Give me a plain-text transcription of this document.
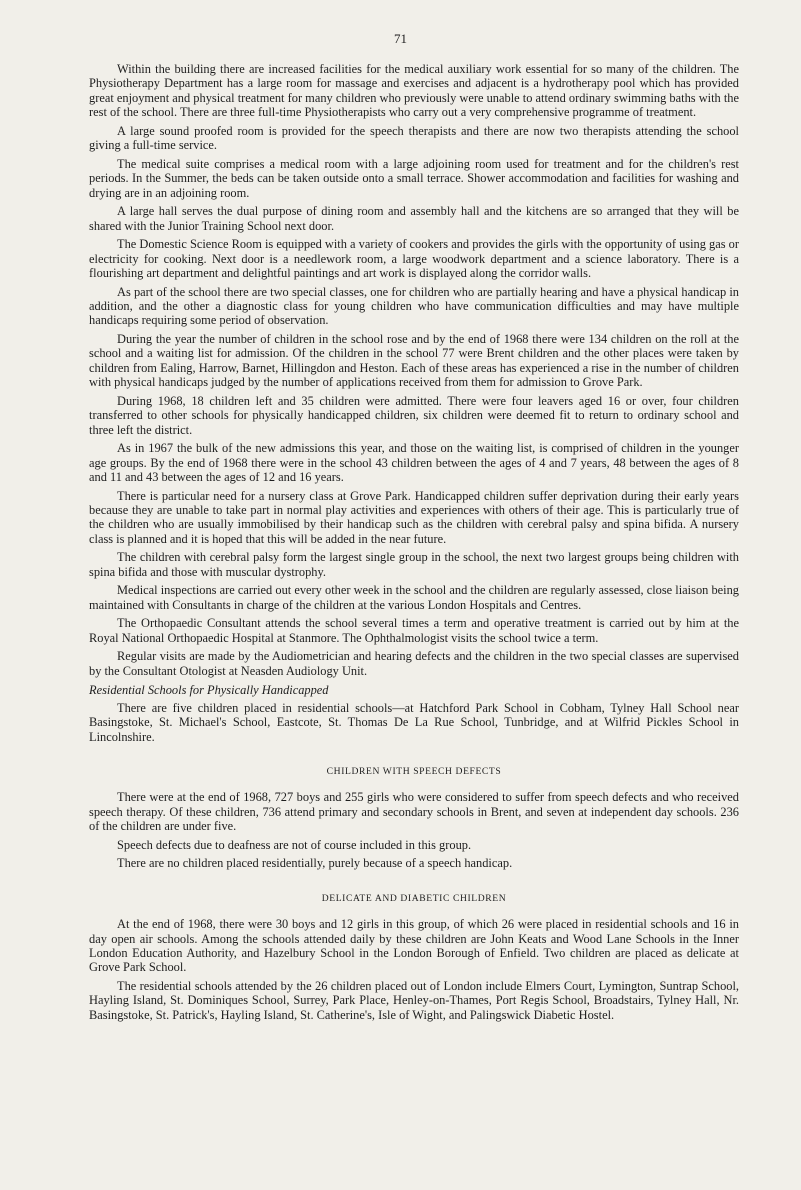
71

Within the building there are increased facilities for the medical auxiliary work essential for so many of the children. The Physiotherapy Department has a large room for massage and exercises and adjacent is a hydrotherapy pool which has provided great enjoyment and physical treatment for many children who previously were unable to attend ordinary swimming baths with the rest of the school. There are three full-time Physiotherapists who carry out a very comprehensive programme of treatment.

A large sound proofed room is provided for the speech therapists and there are now two therapists attending the school giving a full-time service.

The medical suite comprises a medical room with a large adjoining room used for treatment and for the children's rest periods. In the Summer, the beds can be taken outside onto a small terrace. Shower accommodation and facilities for washing and drying are in an adjoining room.

A large hall serves the dual purpose of dining room and assembly hall and the kitchens are so arranged that they will be shared with the Junior Training School next door.

The Domestic Science Room is equipped with a variety of cookers and provides the girls with the opportunity of using gas or electricity for cooking. Next door is a needlework room, a large woodwork department and a science laboratory. There is a flourishing art department and delightful paintings and art work is displayed along the corridor walls.

As part of the school there are two special classes, one for children who are partially hearing and have a physical handicap in addition, and the other a diagnostic class for young children who have communication difficulties and may have multiple handicaps requiring some period of observation.

During the year the number of children in the school rose and by the end of 1968 there were 134 children on the roll at the school and a waiting list for admission. Of the children in the school 77 were Brent children and the other places were taken by children from Ealing, Harrow, Barnet, Hillingdon and Heston. Each of these areas has experienced a rise in the number of children with physical handicaps judged by the number of applications received from them for admission to Grove Park.

During 1968, 18 children left and 35 children were admitted. There were four leavers aged 16 or over, four children transferred to other schools for physically handicapped children, six children were deemed fit to return to ordinary school and three left the district.

As in 1967 the bulk of the new admissions this year, and those on the waiting list, is comprised of children in the younger age groups. By the end of 1968 there were in the school 43 children between the ages of 4 and 7 years, 48 between the ages of 8 and 11 and 43 between the ages of 12 and 16 years.

There is particular need for a nursery class at Grove Park. Handicapped children suffer deprivation during their early years because they are unable to take part in normal play activities and experiences with others of their age. This is particularly true of the children who are usually immobilised by their handicap such as the children with cerebral palsy and spina bifida. A nursery class is planned and it is hoped that this will be added in the near future.

The children with cerebral palsy form the largest single group in the school, the next two largest groups being children with spina bifida and those with muscular dystrophy.

Medical inspections are carried out every other week in the school and the children are regularly assessed, close liaison being maintained with Consultants in charge of the children at the various London Hospitals and Centres.

The Orthopaedic Consultant attends the school several times a term and operative treatment is carried out by him at the Royal National Orthopaedic Hospital at Stanmore. The Ophthalmologist visits the school twice a term.

Regular visits are made by the Audiometrician and hearing defects and the children in the two special classes are supervised by the Consultant Otologist at Neasden Audiology Unit.

Residential Schools for Physically Handicapped

There are five children placed in residential schools—at Hatchford Park School in Cobham, Tylney Hall School near Basingstoke, St. Michael's School, Eastcote, St. Thomas De La Rue School, Tunbridge, and at Wilfrid Pickles School in Lincolnshire.

CHILDREN WITH SPEECH DEFECTS

There were at the end of 1968, 727 boys and 255 girls who were considered to suffer from speech defects and who received speech therapy. Of these children, 736 attend primary and secondary schools in Brent, and seven at independent day schools. 236 of the children are under five.

Speech defects due to deafness are not of course included in this group.

There are no children placed residentially, purely because of a speech handicap.

DELICATE AND DIABETIC CHILDREN

At the end of 1968, there were 30 boys and 12 girls in this group, of which 26 were placed in residential schools and 16 in day open air schools. Among the schools attended daily by these children are John Keats and Wood Lane Schools in the Inner London Education Authority, and Hazelbury School in the London Borough of Enfield. Two children are placed as delicate at Grove Park School.

The residential schools attended by the 26 children placed out of London include Elmers Court, Lymington, Suntrap School, Hayling Island, St. Dominiques School, Surrey, Park Place, Henley-on-Thames, Port Regis School, Broadstairs, Tylney Hall, Nr. Basingstoke, St. Patrick's, Hayling Island, St. Catherine's, Isle of Wight, and Palingswick Diabetic Hostel.
